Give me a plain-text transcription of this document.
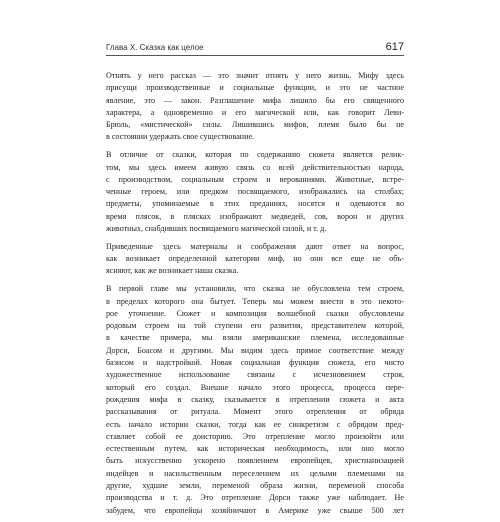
Глава X. Сказка как целое	617
Отнять у него рассказ — это значит отнять у него жизнь. Мифу здесь
присущи производственные и социальные функции, и это не частное
явление, это — закон. Разглашение мифа лишило бы его священного
характера, а одновременно и его магической или, как говорит Леви-
Брюль, «мистической» силы. Лишившись мифов, племя было бы не
в состоянии удержать свое существование.
В отличие от сказки, которая по содержанию сюжета является релик-
том, мы здесь имеем живую связь со всей действительностью народа,
с производством, социальным строем и верованиями. Животные, встре-
ченные героем, или предком посвящаемого, изображались на столбах;
предметы, упоминаемые в этих преданиях, носятся и одеваются во
время плясок, в плясках изображают медведей, сов, ворон и других
животных, снабдивших посвящаемого магической силой, и т. д.
Приведенные здесь материалы и соображения дают ответ на вопрос,
как возникает определенной категории миф, но они все еще не объ-
ясняют, как же возникает наша сказка.
В первой главе мы установили, что сказка не обусловлена тем строем,
в пределах которого она бытует. Теперь мы можем внести в это некото-
рое уточнение. Сюжет и композиция волшебной сказки обусловлены
родовым строем на той ступени его развития, представителем которой,
в качестве примера, мы взяли американские племена, исследованные
Дорси, Боасом и другими. Мы видим здесь прямое соответствие между
базисом и надстройкой. Новая социальная функция сюжета, его чисто
художественное использование связаны с исчезновением строя,
который его создал. Внешне начало этого процесса, процесса пере-
рождения мифа в сказку, сказывается в отреплении сюжета и акта
рассказывания от ритуала. Момент этого отрепления от обряда
есть начало истории сказки, тогда как ее синкретизм с обрядом пред-
ставляет собой ее доисторию. Это отрепление могло произойти или
естественным путем, как историческая необходимость, или оно могло
быть искусственно ускорено появлением европейцев, христианизацией
индейцев и насильственным переселением их целыми племенами на
другие, худшие земли, переменой образа жизни, переменой способа
производства и т. д. Это отрепление Дорси также уже наблюдает. Не
забудем, что европейцы хозяйничают в Америке уже свыше 500 лет
